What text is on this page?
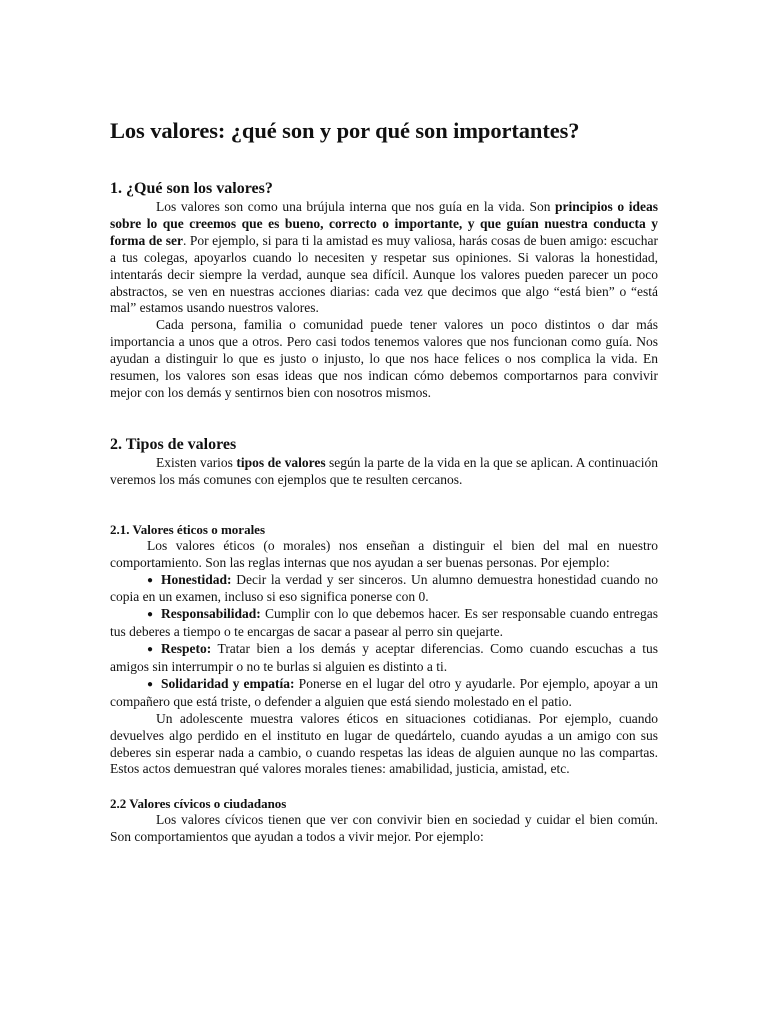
Los valores: ¿qué son y por qué son importantes?
1. ¿Qué son los valores?

Los valores son como una brújula interna que nos guía en la vida. Son principios o ideas sobre lo que creemos que es bueno, correcto o importante, y que guían nuestra conducta y forma de ser. Por ejemplo, si para ti la amistad es muy valiosa, harás cosas de buen amigo: escuchar a tus colegas, apoyarlos cuando lo necesiten y respetar sus opiniones. Si valoras la honestidad, intentarás decir siempre la verdad, aunque sea difícil. Aunque los valores pueden parecer un poco abstractos, se ven en nuestras acciones diarias: cada vez que decimos que algo “está bien” o “está mal” estamos usando nuestros valores.

Cada persona, familia o comunidad puede tener valores un poco distintos o dar más importancia a unos que a otros. Pero casi todos tenemos valores que nos funcionan como guía. Nos ayudan a distinguir lo que es justo o injusto, lo que nos hace felices o nos complica la vida. En resumen, los valores son esas ideas que nos indican cómo debemos comportarnos para convivir mejor con los demás y sentirnos bien con nosotros mismos.

2. Tipos de valores

Existen varios tipos de valores según la parte de la vida en la que se aplican. A continuación veremos los más comunes con ejemplos que te resulten cercanos.

2.1. Valores éticos o morales

Los valores éticos (o morales) nos enseñan a distinguir el bien del mal en nuestro comportamiento. Son las reglas internas que nos ayudan a ser buenas personas. Por ejemplo:

● Honestidad: Decir la verdad y ser sinceros. Un alumno demuestra honestidad cuando no copia en un examen, incluso si eso significa ponerse con 0.

● Responsabilidad: Cumplir con lo que debemos hacer. Es ser responsable cuando entregas tus deberes a tiempo o te encargas de sacar a pasear al perro sin quejarte.

● Respeto: Tratar bien a los demás y aceptar diferencias. Como cuando escuchas a tus amigos sin interrumpir o no te burlas si alguien es distinto a ti.

● Solidaridad y empatía: Ponerse en el lugar del otro y ayudarle. Por ejemplo, apoyar a un compañero que está triste, o defender a alguien que está siendo molestado en el patio.

Un adolescente muestra valores éticos en situaciones cotidianas. Por ejemplo, cuando devuelves algo perdido en el instituto en lugar de quedártelo, cuando ayudas a un amigo con sus deberes sin esperar nada a cambio, o cuando respetas las ideas de alguien aunque no las compartas. Estos actos demuestran qué valores morales tienes: amabilidad, justicia, amistad, etc.

2.2 Valores cívicos o ciudadanos

Los valores cívicos tienen que ver con convivir bien en sociedad y cuidar el bien común. Son comportamientos que ayudan a todos a vivir mejor. Por ejemplo:
